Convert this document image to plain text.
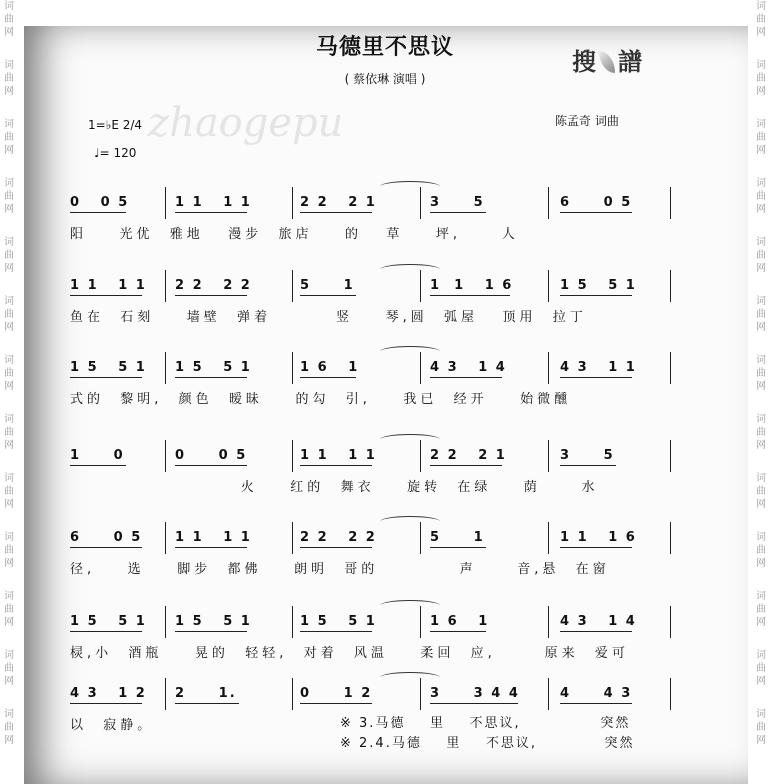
词
曲
网
词
曲
网
词
曲
网
词
曲
网
词
曲
网
词
曲
网
词
曲
网
词
曲
网
词
曲
网
词
曲
网
词
曲
网
词
曲
网
词
曲
网
词
曲
网
词
曲
网
词
曲
网
词
曲
网
词
曲
网
词
曲
网
词
曲
网
词
曲
网
词
曲
网
词
曲
网
词
曲
网
词
曲
网
词
曲
网
zhaogepu
马德里不思议
( 蔡依琳 演唱 )
搜 譜
陈孟奇 词曲
1=♭E 2/4
♩= 120
0   0 5	1 1   1 1	2 2   2 1	3     5	6     0 5
阳    光优  雅地   漫步  旅店    的   草    坪,     人
1 1   1 1 2 2   2 2	5     1	1  1   1 6	1 5   5 1
鱼在  石刻    墙壁  弹着        竖    琴,圆  弧屋   顶用  拉丁
1 5   5 1 1 5   5 1	1 6   1	4 3   1 4	4 3   1 1
式的  黎明,  颜色  暧昧    的勾  引,    我已  经开    始微醺
1     0	0     0 5	1 1   1 1	2 2   2 1	3     5
火    红的  舞衣    旋转  在绿    荫     水
6     0 5	1 1   1 1	2 2   2 2	5     1	1 1   1 6
径,    选    脚步  都佛    朗明  哥的          声     音,悬  在窗
1 5   5 1 1 5   5 1	1 5   5 1	1 6   1	4 3   1 4
棂,小  酒瓶    晃的  轻轻,  对着  风温    柔回  应,      原来  爱可
4 3   1 2 2     1.	0     1 2	3     3 4 4	4     4 3
以  寂静。	※ 3.马德    里    不思议,             突然
※ 2.4.马德    里    不思议,           突然
